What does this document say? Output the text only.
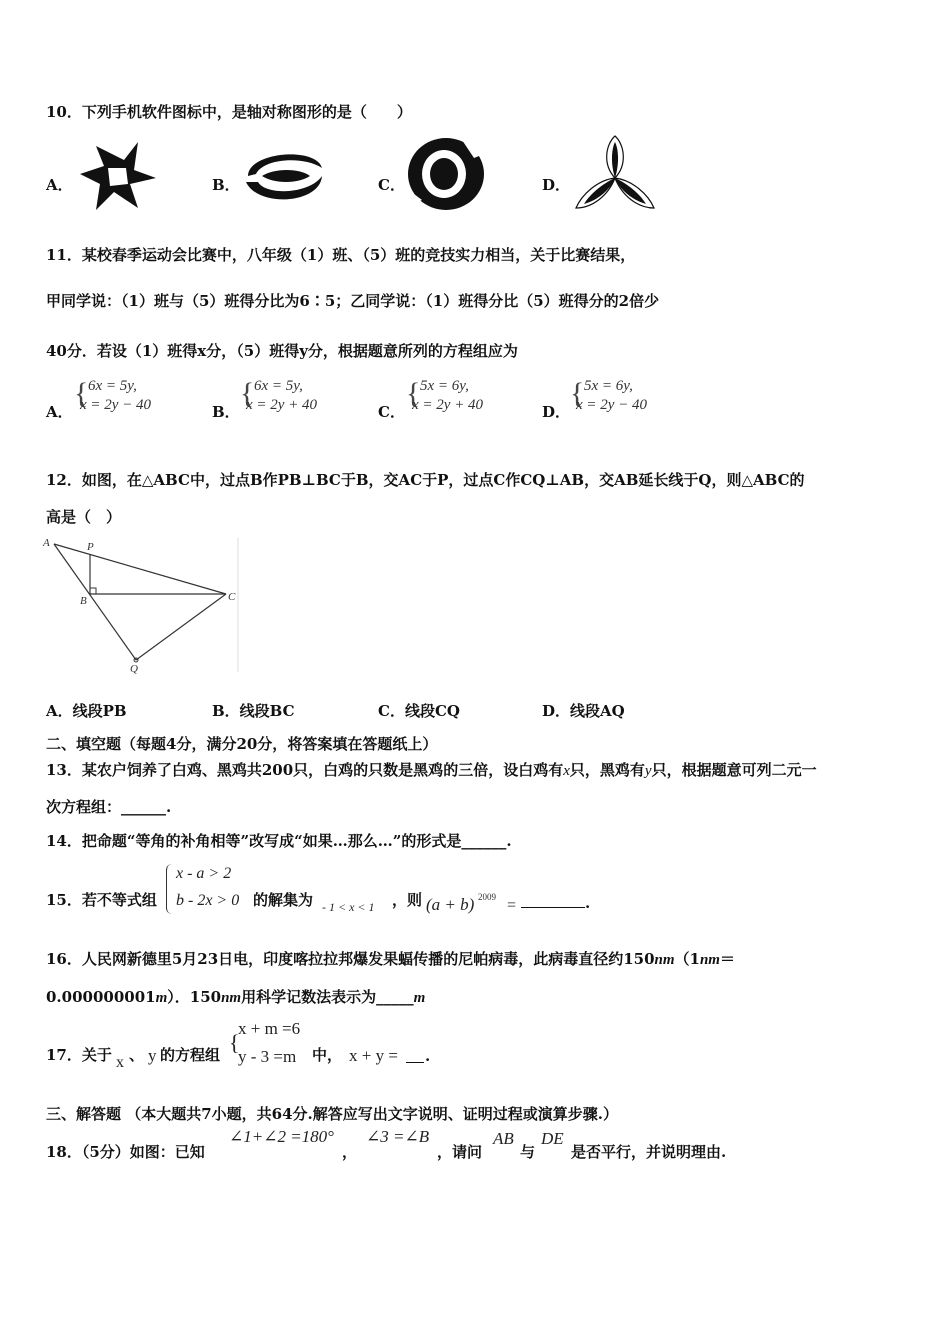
10．下列手机软件图标中，是轴对称图形的是（　　）
A．	B．	C．	D．
11．某校春季运动会比赛中，八年级（1）班、（5）班的竞技实力相当，关于比赛结果，
甲同学说：（1）班与（5）班得分比为6∶5；乙同学说：（1）班得分比（5）班得分的2倍少
40分．若设（1）班得x分，（5）班得y分，根据题意所列的方程组应为
A．
{ 6x = 5y,
x = 2y − 40	B．
{ 6x = 5y,
x = 2y + 40	C．
{ 5x = 6y,
x = 2y + 40	D．
{ 5x = 6y,
x = 2y − 40
12．如图，在△ABC中，过点B作PB⊥BC于B，交AC于P，过点C作CQ⊥AB，交AB延长线于Q，则△ABC的
高是（　）
A	P
B	C
Q
A．线段PB	B．线段BC	C．线段CQ	D．线段AQ
二、填空题（每题4分，满分20分，将答案填在答题纸上）
13．某农户饲养了白鸡、黑鸡共200只，白鸡的只数是黑鸡的三倍，设白鸡有x只，黑鸡有y只，根据题意可列二元一
次方程组：______.
14．把命题“等角的补角相等”改写成“如果…那么…”的形式是______.
15．若不等式组
x - a > 2
b - 2x > 0 的解集为 - 1 < x < 1 ，则 (a + b) 2009 =	.
16．人民网新德里5月23日电，印度喀拉拉邦爆发果蝠传播的尼帕病毒，此病毒直径约150nm（1nm＝
0.000000001m）．150nm用科学记数法表示为_____m
17．关于 x 、 y 的方程组 {
x + m =6
y - 3 =m 中， x + y = .
三、解答题 （本大题共7小题，共64分.解答应写出文字说明、证明过程或演算步骤.）
18．（5分）如图：已知
∠1+∠2 =180°
，
∠3 =∠B
，请问
AB
与
DE
是否平行，并说明理由.
